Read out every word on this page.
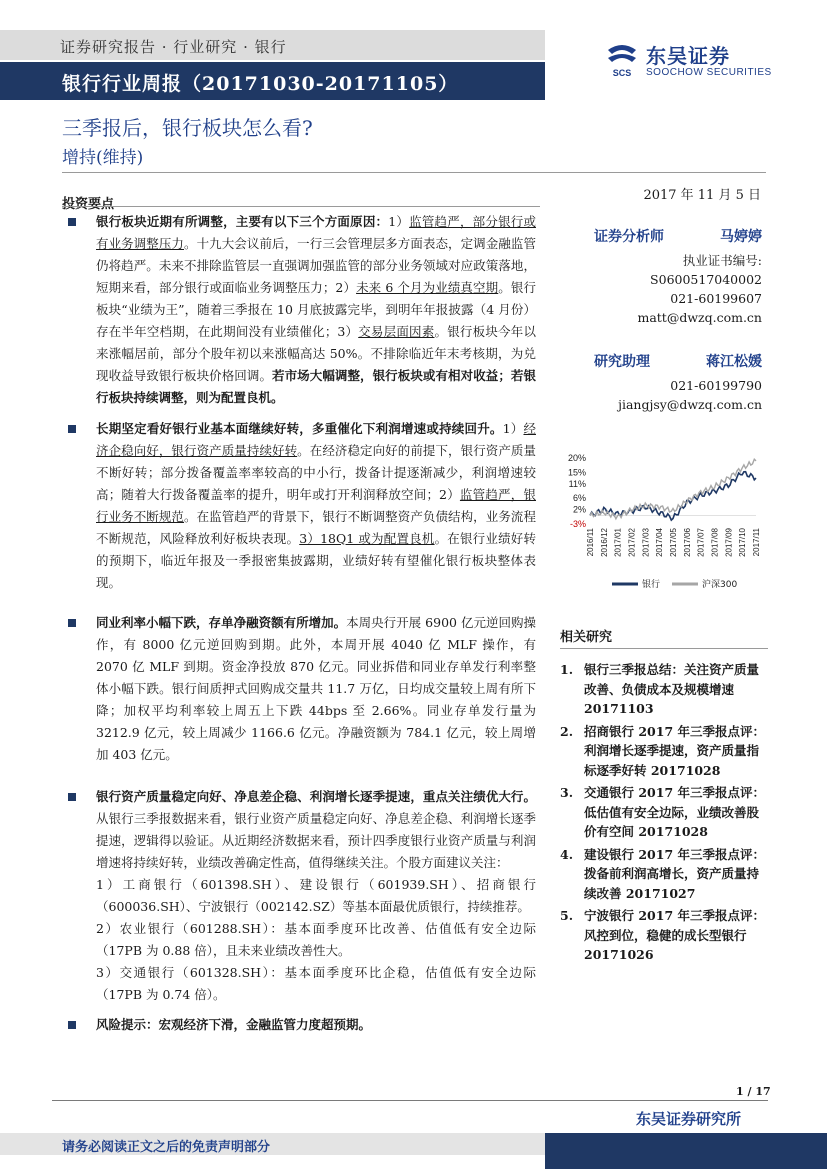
证券研究报告 · 行业研究 · 银行
银行行业周报（20171030-20171105）	SCS
东吴证券
SOOCHOW SECURITIES
三季报后，银行板块怎么看?
增持(维持)
2017 年 11 月 5 日
投资要点

银行板块近期有所调整，主要有以下三个方面原因：1）监管趋严，部分银行或有业务调整压力。十九大会议前后，一行三会管理层多方面表态，定调金融监管仍将趋严。未来不排除监管层一直强调加强监管的部分业务领域对应政策落地，短期来看，部分银行或面临业务调整压力；2）未来 6 个月为业绩真空期。银行板块“业绩为王”，随着三季报在 10 月底披露完毕，到明年年报披露（4 月份）存在半年空档期，在此期间没有业绩催化；3）交易层面因素。银行板块今年以来涨幅居前，部分个股年初以来涨幅高达 50%。不排除临近年末考核期，为兑现收益导致银行板块价格回调。若市场大幅调整，银行板块或有相对收益；若银行板块持续调整，则为配置良机。

长期坚定看好银行业基本面继续好转，多重催化下利润增速或持续回升。1）经济企稳向好，银行资产质量持续好转。在经济稳定向好的前提下，银行资产质量不断好转；部分拨备覆盖率率较高的中小行，拨备计提逐渐减少，利润增速较高；随着大行拨备覆盖率的提升，明年或打开利润释放空间；2）监管趋严，银行业务不断规范。在监管趋严的背景下，银行不断调整资产负债结构，业务流程不断规范，风险释放利好板块表现。3）18Q1 或为配置良机。在银行业绩好转的预期下，临近年报及一季报密集披露期，业绩好转有望催化银行板块整体表现。

同业利率小幅下跌，存单净融资额有所增加。本周央行开展 6900 亿元逆回购操作，有 8000 亿元逆回购到期。此外，本周开展 4040 亿 MLF 操作，有 2070 亿 MLF 到期。资金净投放 870 亿元。同业拆借和同业存单发行利率整体小幅下跌。银行间质押式回购成交量共 11.7 万亿，日均成交量较上周有所下降；加权平均利率较上周五上下跌 44bps 至 2.66%。同业存单发行量为 3212.9 亿元，较上周减少 1166.6 亿元。净融资额为 784.1 亿元，较上周增加 403 亿元。

银行资产质量稳定向好、净息差企稳、利润增长逐季提速，重点关注绩优大行。从银行三季报数据来看，银行业资产质量稳定向好、净息差企稳、利润增长逐季提速，逻辑得以验证。从近期经济数据来看，预计四季度银行业资产质量与利润增速将持续好转，业绩改善确定性高，值得继续关注。个股方面建议关注：

1）工商银行（601398.SH）、建设银行（601939.SH）、招商银行（600036.SH）、宁波银行（002142.SZ）等基本面最优质银行，持续推荐。

2）农业银行（601288.SH）：基本面季度环比改善、估值低有安全边际（17PB 为 0.88 倍），且未来业绩改善性大。

3）交通银行（601328.SH）：基本面季度环比企稳，估值低有安全边际（17PB 为 0.74 倍）。

风险提示：宏观经济下滑，金融监管力度超预期。

证券分析师	马婷婷
执业证书编号:
S0600517040002
021-60199607
matt@dwzq.com.cn
研究助理	蒋江松媛
021-60199790
jiangjsy@dwzq.com.cn
20%
15%
11%
6%
2%
-3%
2016/11 2016/12 2017/01 2017/02 2017/03 2017/04 2017/05 2017/06 2017/07 2017/08 2017/09 2017/10 2017/11
银行	沪深300
相关研究
1. 银行三季报总结：关注资产质量改善、负债成本及规模增速 20171103
2. 招商银行 2017 年三季报点评：利润增长逐季提速，资产质量指标逐季好转 20171028
3. 交通银行 2017 年三季报点评：低估值有安全边际，业绩改善股价有空间 20171028
4. 建设银行 2017 年三季报点评：拨备前利润高增长，资产质量持续改善 20171027
5. 宁波银行 2017 年三季报点评：风控到位，稳健的成长型银行 20171026
1 / 17
东吴证券研究所
请务必阅读正文之后的免责声明部分
